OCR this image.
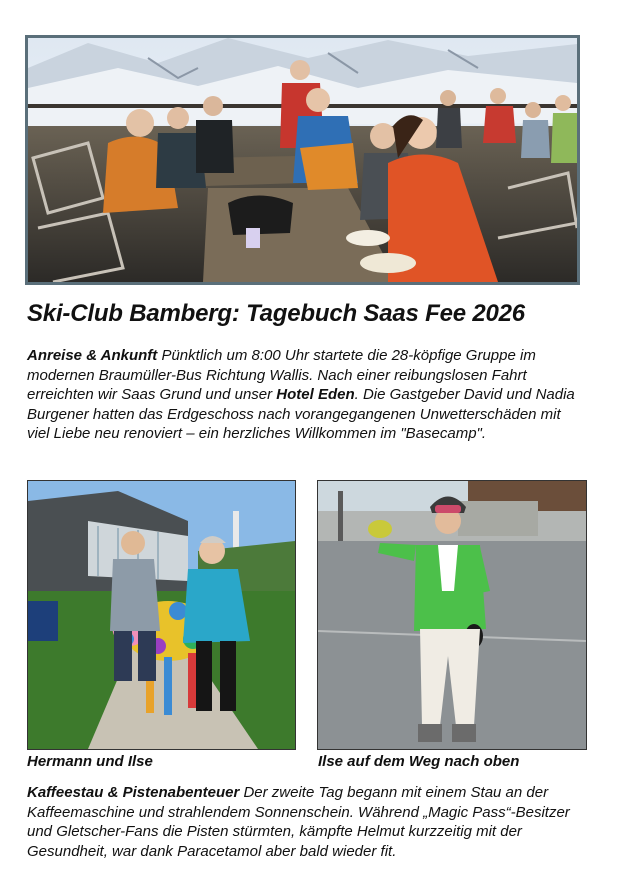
Ski-Club Bamberg: Tagebuch Saas Fee 2026
Anreise & Ankunft Pünktlich um 8:00 Uhr startete die 28-köpfige Gruppe im modernen Braumüller-Bus Richtung Wallis. Nach einer reibungslosen Fahrt erreichten wir Saas Grund und unser Hotel Eden. Die Gastgeber David und Nadia Burgener hatten das Erdgeschoss nach vorangegangenen Unwetterschäden mit viel Liebe neu renoviert – ein herzliches Willkommen im "Basecamp".
Hermann und Ilse	Ilse auf dem Weg nach oben
Kaffeestau & Pistenabenteuer Der zweite Tag begann mit einem Stau an der Kaffeemaschine und strahlendem Sonnenschein. Während „Magic Pass“-Besitzer und Gletscher-Fans die Pisten stürmten, kämpfte Helmut kurzzeitig mit der Gesundheit, war dank Paracetamol aber bald wieder fit.
